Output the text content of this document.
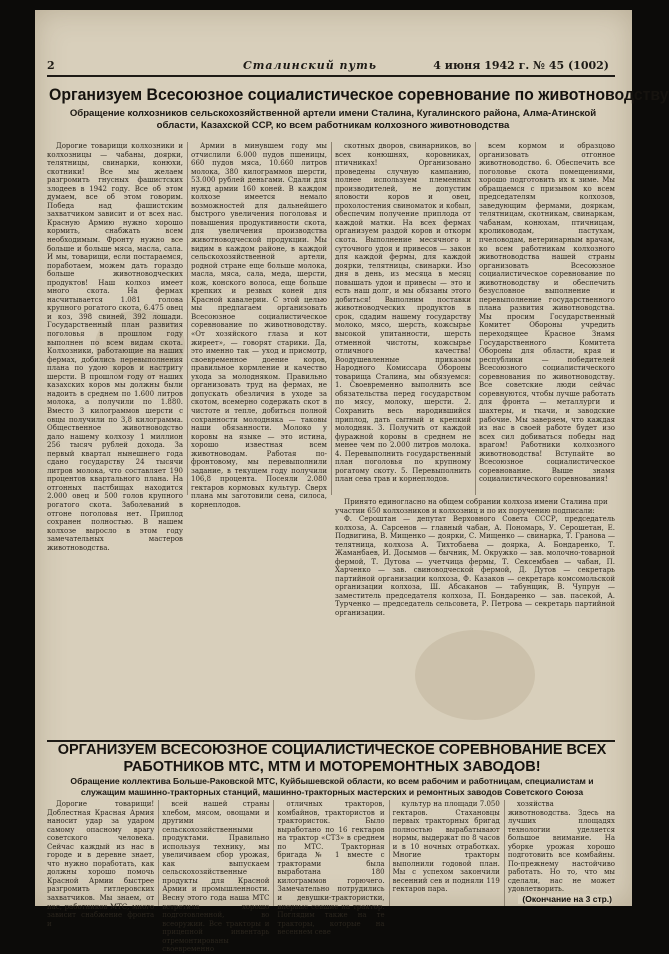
2	Сталинский путь	4 июня 1942 г. № 45 (1002)
Организуем Всесоюзное социалистическое соревнование по животноводству
Обращение колхозников сельскохозяйственной артели имени Сталина, Кугалинского района, Алма-Атинской области, Казахской ССР, ко всем работникам колхозного животноводства

Дорогие товарищи колхозники и колхозницы — чабаны, доярки, телятницы, свинарки, конюхи, скотники! Все мы желаем разгромить гнусных фашистских злодеев в 1942 году. Все об этом думаем, все об этом говорим. Победа над фашистским захватчиком зависит и от всех нас. Красную Армию нужно хорошо кормить, снабжать всем необходимым. Фронту нужно все больше и больше мяса, масла, сала. И мы, товарищи, если постараемся, поработаем, можем дать гораздо больше животноводческих продуктов! Наш колхоз имеет много скота. На фермах насчитывается 1.081 голова крупного рогатого скота, 6.475 овец и коз, 398 свиней, 392 лошади. Государственный план развития поголовья в прошлом году выполнен по всем видам скота. Колхозники, работающие на наших фермах, добились перевыполнения плана по удою коров и настригу шерсти. В прошлом году от наших казахских коров мы должны были надоить в среднем по 1.600 литров молока, а получили по 1.880. Вместо 3 килограммов шерсти с овцы получили по 3,8 килограмма. Общественное животноводство дало нашему колхозу 1 миллион 256 тысяч рублей дохода. За первый квартал нынешнего года сдано государству 24 тысячи литров молока, что составляет 190 процентов квартального плана. На отгонных пастбищах находится 2.000 овец и 500 голов крупного рогатого скота. Заболеваний в отгоне поголовья нет. Приплод сохранен полностью. В нашем колхозе выросло в этом году замечательных мастеров животноводства.

Армии в минувшем году мы отчислили 6.000 пудов пшеницы, 660 пудов мяса, 10.660 литров молока, 380 килограммов шерсти, 53.000 рублей деньгами. Сдали для нужд армии 160 коней. В каждом колхозе имеется немало возможностей для дальнейшего быстрого увеличения поголовья и повышения продуктивности скота, для увеличения производства животноводческой продукции. Мы видим в каждом районе, в каждой сельскохозяйственной артели, родной стране еще больше молока, масла, мяса, сала, меда, шерсти, кож, конского волоса, еще больше крепких и резвых коней для Красной кавалерии. С этой целью мы предлагаем организовать Всесоюзное социалистическое соревнование по животноводству. «От хозяйского глаза и кот жиреет», — говорят старики. Да, это именно так — уход и присмотр, своевременное доение коров, правильное кормление и качество ухода за молодняком. Правильно организовать труд на фермах, не допускать обезличия в уходе за скотом, всемерно содержать скот в чистоте и тепле, добиться полной сохранности молодняка — таковы наши обязанности. Молоко у коровы на языке — это истина, хорошо известная всем животноводам. Работая по-фронтовому, мы перевыполнили задание, в текущем году получили 106,8 процента. Посеяли 2.080 гектаров кормовых культур. Сверх плана мы заготовили сена, силоса, корнеплодов.

скотных дворов, свинарников, во всех конюшнях, коровниках, птичниках! Организовано проведены случную кампанию, полнее используем племенных производителей, не допустим яловости коров и овец, прохолостения свиноматок и кобыл, обеспечим получение приплода от каждой матки. На всех фермах организуем раздой коров и откорм скота. Выполнение месячного и суточного удоя и привесов — закон для каждой фермы, для каждой доярки, телятницы, свинарки. Изо дня в день, из месяца в месяц повышать удои и привесы — это и есть наш долг, и мы обязаны этого добиться! Выполним поставки животноводческих продуктов в срок, сдадим нашему государству молоко, мясо, шерсть, кожсырье высокой упитанности, шерсть отменной чистоты, кожсырье отличного качества! Воодушевленные приказом Народного Комиссара Обороны товарища Сталина, мы обязуемся: 1. Своевременно выполнить все обязательства перед государством по мясу, молоку, шерсти. 2. Сохранить весь народившийся приплод, дать сытный и крепкий молодняк. 3. Получить от каждой фуражной коровы в среднем не менее чем по 2.000 литров молока. 4. Перевыполнить государственный план поголовья по крупному рогатому скоту. 5. Перевыполнить план сева трав и корнеплодов.

всем кормом и образцово организовать отгонное животноводство. 6. Обеспечить все поголовье скота помещениями, хорошо подготовить их к зиме. Мы обращаемся с призывом ко всем председателям колхозов, заведующим фермами, дояркам, телятницам, скотникам, свинаркам, чабанам, конюхам, птичницам, кролиководам, пастухам, пчеловодам, ветеринарным врачам, ко всем работникам колхозного животноводства нашей страны организовать Всесоюзное социалистическое соревнование по животноводству и обеспечить безусловное выполнение и перевыполнение государственного плана развития животноводства. Мы просим Государственный Комитет Обороны учредить переходящее Красное Знамя Государственного Комитета Обороны для области, края и республики — победителей Всесоюзного социалистического соревнования по животноводству. Все советские люди сейчас соревнуются, чтобы лучше работать для фронта — металлурги и шахтеры, и ткачи, и заводские рабочие. Мы заверяем, что каждая из нас в своей работе будет изо всех сил добиваться победы над врагом! Работники колхозного животноводства! Вступайте во Всесоюзное социалистическое соревнование. Выше знамя социалистического соревнования!

Принято единогласно на общем собрании колхоза имени Сталина при участии 650 колхозников и колхозниц и по их поручению подписали:

Ф. Сероштан — депутат Верховного Совета СССР, председатель колхоза, А. Сарсенов — главный чабан, А. Пономарь, У. Серошетан, Е. Подвигина, В. Мищенко — доярки, С. Мищенко — свинарка, Т. Гранова — телятница, колхоза А. Тихтобаева — доярка, А. Бондаренко, Т. Жаманбаев, И. Досымов — бычник, М. Окружко — зав. молочно-товарной фермой, Т. Дутова — учетчица фермы, Т. Сексембаев — чабан, П. Харченко — зав. свиноводческой фермой, Д. Дутов — секретарь партийной организации колхоза, Ф. Казаков — секретарь комсомольской организации колхоза, Ш. Абсаканов — табунщик, В. Чупрун — заместитель председателя колхоза, П. Бондаренко — зав. пасекой, А. Турченко — председатель сельсовета, Р. Петрова — секретарь партийной организации.

ОРГАНИЗУЕМ ВСЕСОЮЗНОЕ СОЦИАЛИСТИЧЕСКОЕ СОРЕВНОВАНИЕ ВСЕХ РАБОТНИКОВ МТС, МТМ И МОТОРЕМОНТНЫХ ЗАВОДОВ!
Обращение коллектива Больше-Раковской МТС, Куйбышевской области, ко всем рабочим и работницам, специалистам и служащим машинно-тракторных станций, машинно-тракторных мастерских и ремонтных заводов Советского Союза

Дорогие товарищи! Доблестная Красная Армия наносит удар за ударом самому опасному врагу советского человека. Сейчас каждый из нас в городе и в деревне знает, что нужно поработать, как должны хорошо помочь Красной Армии быстрее разгромить гитлеровских захватчиков. Мы знаем, от нас, работников МТС, много зависит снабжение фронта и

всей нашей страны хлебом, мясом, овощами и другими сельскохозяйственными продуктами. Правильно используя технику, мы увеличиваем сбор урожая, как выпускаем сельскохозяйственные продукты для Красной Армии и промышленности. Весну этого года наша МТС встретила хорошо подготовленной, во всеоружии. Все тракторы и прицепной инвентарь отремонтированы своевременно

отличных тракторов, комбайнов, трактористов и трактористок. Было выработано по 16 гектаров на трактор «СТЗ» в среднем по МТС. Тракторная бригада № 1 вместе с тракторами была выработана 180 килограммов горючего. Замечательно потрудились и девушки-трактористки, впервые севшие на трактор. Поглядим также на те тракторы, которые на весеннем севе

культур на площади 7.050 гектаров. Стахановцы первых тракторных бригад полностью вырабатывают нормы, выдержат по 8 часов и в 10 ночных отработках. Многие тракторы выполнили годовой план. Мы с успехом закончили весенний сев и подняли 119 гектаров пара.

хозяйства животноводства. Здесь на лучших площадях технологии уделяется большое внимание. На уборке урожая хорошо подготовить все комбайны. По-прежнему настойчиво работать. Но то, что мы сделали, нас не может удовлетворить.

(Окончание на 3 стр.)
